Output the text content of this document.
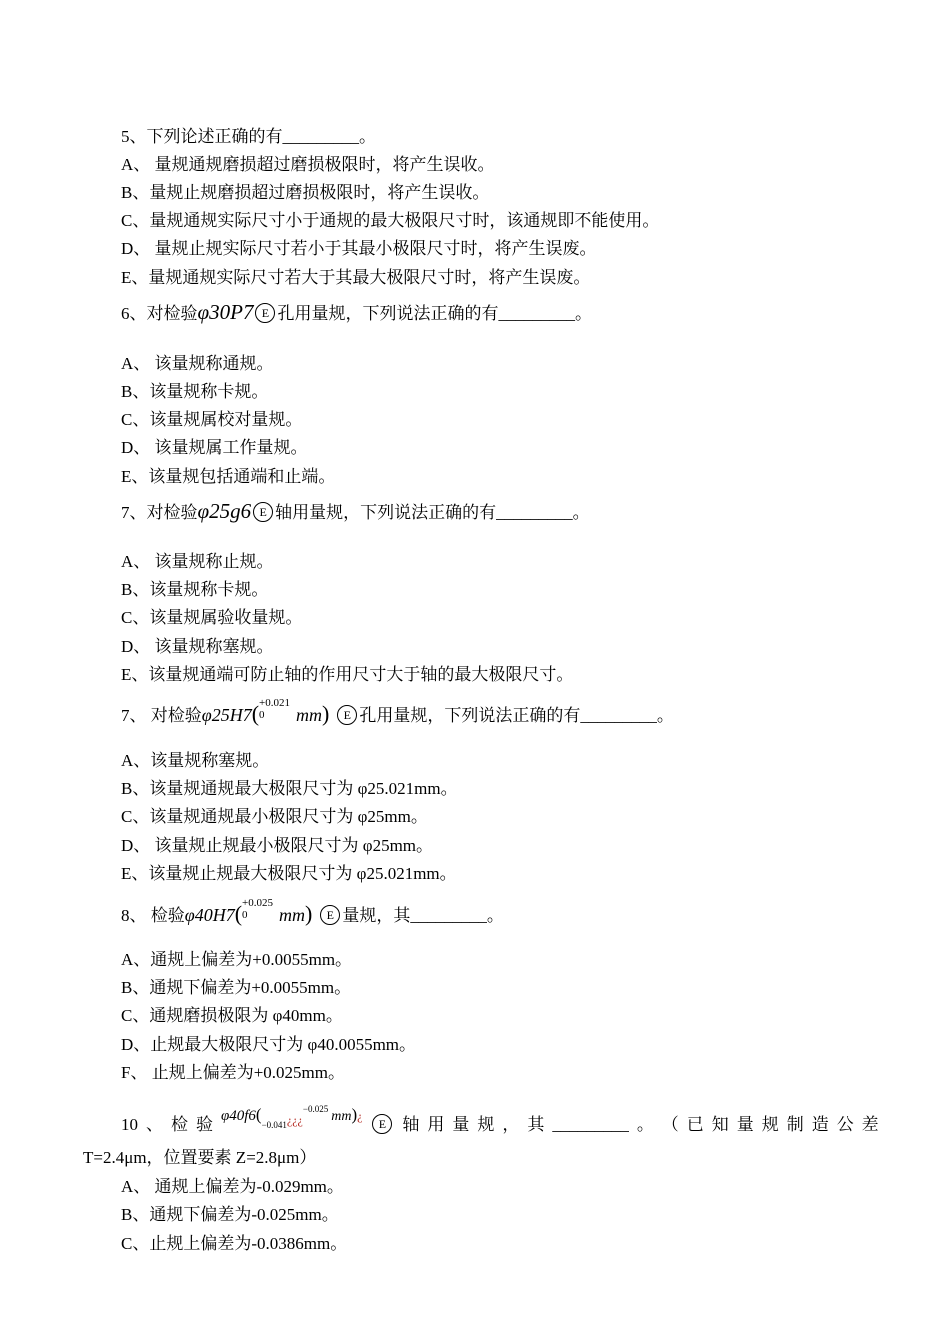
5、下列论述正确的有_________。
A、 量规通规磨损超过磨损极限时，将产生误收。
B、量规止规磨损超过磨损极限时，将产生误收。
C、量规通规实际尺寸小于通规的最大极限尺寸时，该通规即不能使用。
D、 量规止规实际尺寸若小于其最小极限尺寸时，将产生误废。
E、量规通规实际尺寸若大于其最大极限尺寸时，将产生误废。
6、对检验φ30P7 E 孔用量规，下列说法正确的有_________。
A、 该量规称通规。
B、该量规称卡规。
C、该量规属校对量规。
D、 该量规属工作量规。
E、该量规包括通端和止端。
7、对检验φ25g6 E 轴用量规，下列说法正确的有_________。
A、 该量规称止规。
B、该量规称卡规。
C、该量规属验收量规。
D、 该量规称塞规。
E、该量规通端可防止轴的作用尺寸大于轴的最大极限尺寸。
7、 对检验φ25H7( +0.021
0	mm) E 孔用量规，下列说法正确的有_________。
A、该量规称塞规。
B、该量规通规最大极限尺寸为 φ25.021mm。
C、该量规通规最小极限尺寸为 φ25mm。
D、 该量规止规最小极限尺寸为 φ25mm。
E、该量规止规最大极限尺寸为 φ25.021mm。
8、 检验φ40H7( +0.025
0	mm) E 量规，其_________。
A、通规上偏差为+0.0055mm。
B、通规下偏差为+0.0055mm。
C、通规磨损极限为 φ40mm。
D、止规最大极限尺寸为 φ40.0055mm。
F、 止规上偏差为+0.025mm。
10 、 检 验 $\varphi 40f6(_{-0.041}¿¿¿^{-0.025}$ mm)¿
E 轴 用 量 规 ， 其 _________ 。 （ 已 知 量 规 制 造 公 差
T=2.4μm，位置要素 Z=2.8μm）
A、 通规上偏差为-0.029mm。
B、通规下偏差为-0.025mm。
C、止规上偏差为-0.0386mm。
